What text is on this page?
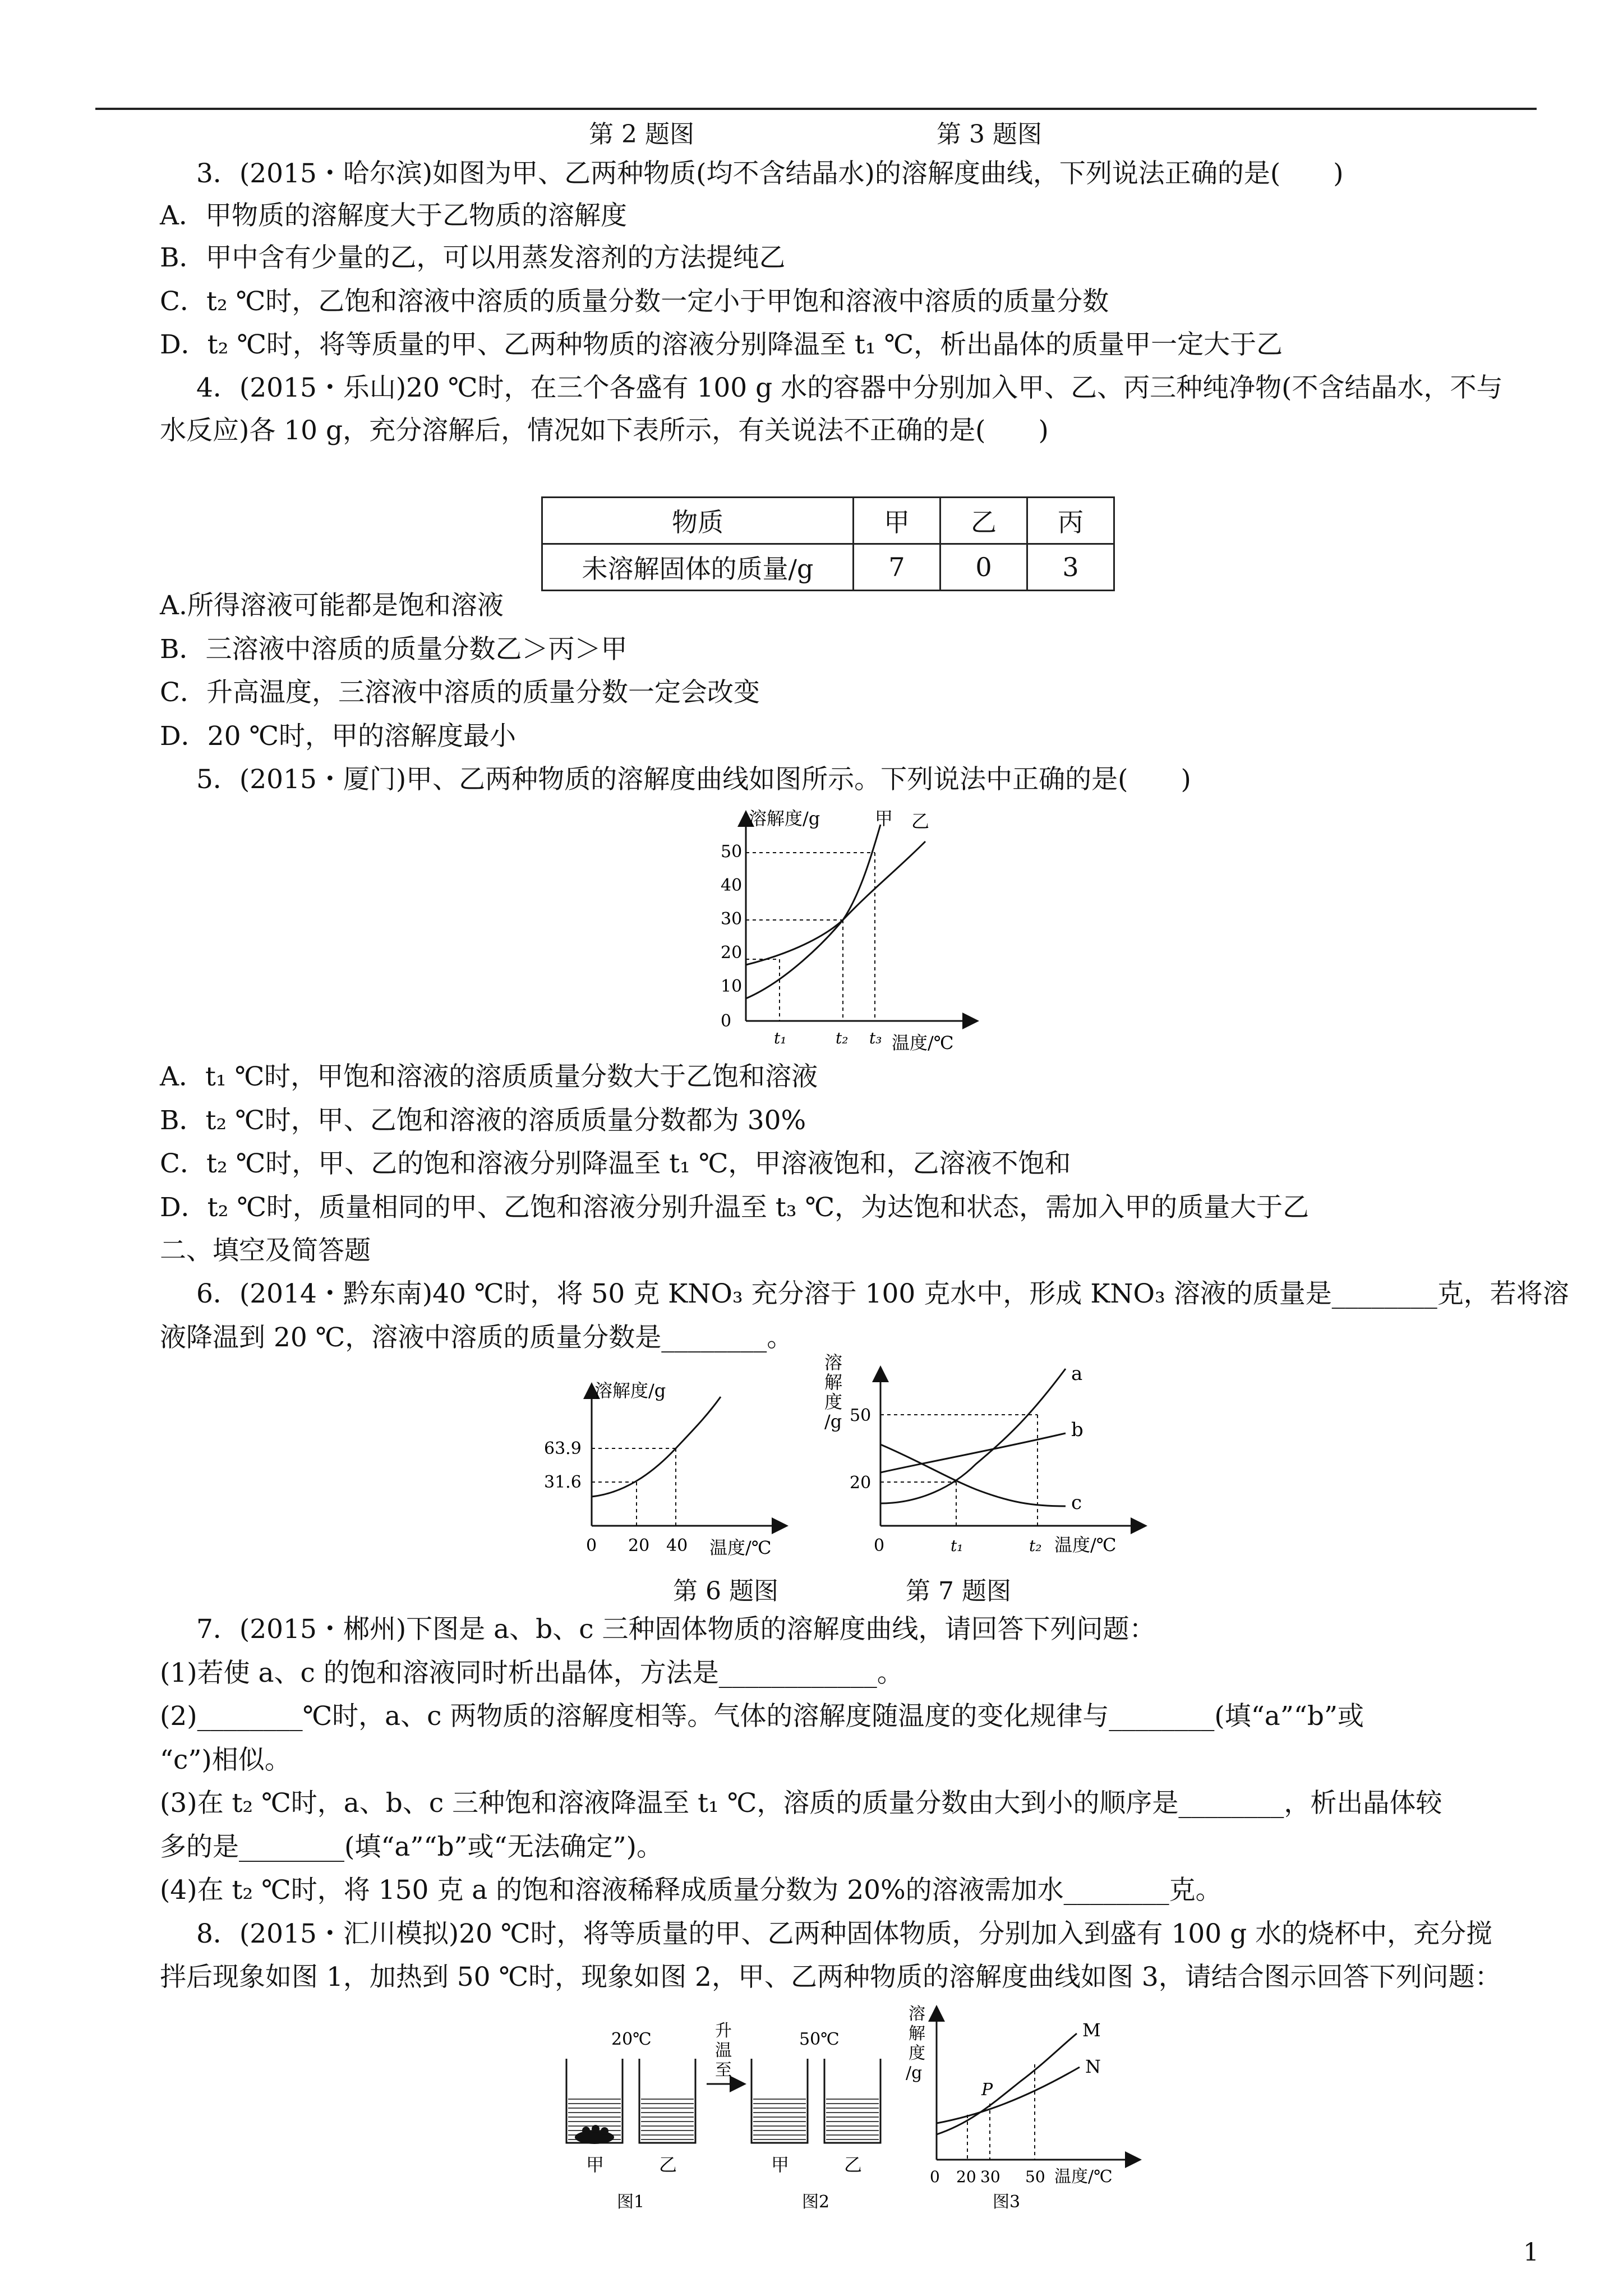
第 2 题图	第 3 题图
3．(2015・哈尔滨)如图为甲、乙两种物质(均不含结晶水)的溶解度曲线，下列说法正确的是(　　)
A．甲物质的溶解度大于乙物质的溶解度
B．甲中含有少量的乙，可以用蒸发溶剂的方法提纯乙
C．t₂ ℃时，乙饱和溶液中溶质的质量分数一定小于甲饱和溶液中溶质的质量分数
D．t₂ ℃时，将等质量的甲、乙两种物质的溶液分别降温至 t₁ ℃，析出晶体的质量甲一定大于乙
4．(2015・乐山)20 ℃时，在三个各盛有 100 g 水的容器中分别加入甲、乙、丙三种纯净物(不含结晶水，不与
水反应)各 10 g，充分溶解后，情况如下表所示，有关说法不正确的是(　　)
物质	甲	乙	丙
未溶解固体的质量/g	7	0	3
A.所得溶液可能都是饱和溶液
B．三溶液中溶质的质量分数乙＞丙＞甲
C．升高温度，三溶液中溶质的质量分数一定会改变
D．20 ℃时，甲的溶解度最小
5．(2015・厦门)甲、乙两种物质的溶解度曲线如图所示。下列说法中正确的是(　　)
溶解度/g
温度/℃
0
10
20
30
40
50
t₁	t₂ t₃
甲 乙
A．t₁ ℃时，甲饱和溶液的溶质质量分数大于乙饱和溶液
B．t₂ ℃时，甲、乙饱和溶液的溶质质量分数都为 30%
C．t₂ ℃时，甲、乙的饱和溶液分别降温至 t₁ ℃，甲溶液饱和，乙溶液不饱和
D．t₂ ℃时，质量相同的甲、乙饱和溶液分别升温至 t₃ ℃，为达饱和状态，需加入甲的质量大于乙
二、填空及简答题
6．(2014・黔东南)40 ℃时，将 50 克 KNO₃ 充分溶于 100 克水中，形成 KNO₃ 溶液的质量是________克，若将溶
液降温到 20 ℃，溶液中溶质的质量分数是________。
溶解度/g
温度/℃
63.9
31.6
0 20 40
溶
解
度
/g
温度/℃
50
20
0	t₁	t₂
a
b
c
第 6 题图	第 7 题图
7．(2015・郴州)下图是 a、b、c 三种固体物质的溶解度曲线，请回答下列问题：
(1)若使 a、c 的饱和溶液同时析出晶体，方法是____________。
(2)________℃时，a、c 两物质的溶解度相等。气体的溶解度随温度的变化规律与________(填“a”“b”或
“c”)相似。
(3)在 t₂ ℃时，a、b、c 三种饱和溶液降温至 t₁ ℃，溶质的质量分数由大到小的顺序是________，析出晶体较
多的是________(填“a”“b”或“无法确定”)。
(4)在 t₂ ℃时，将 150 克 a 的饱和溶液稀释成质量分数为 20%的溶液需加水________克。
8．(2015・汇川模拟)20 ℃时，将等质量的甲、乙两种固体物质，分别加入到盛有 100 g 水的烧杯中，充分搅
拌后现象如图 1，加热到 50 ℃时，现象如图 2，甲、乙两种物质的溶解度曲线如图 3，请结合图示回答下列问题：
20℃	50℃
升
温
至
甲	乙	甲	乙
图1	图2	图3
溶
解
度
/g
温度/℃
0 20 30 50
M
N
P
1
